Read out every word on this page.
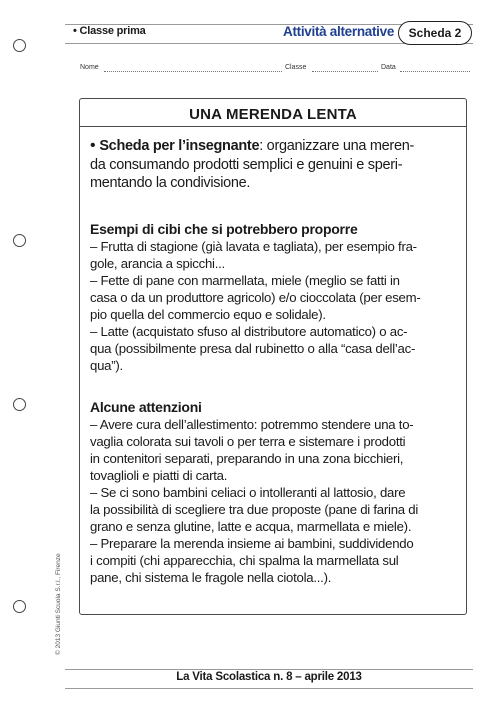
• Classe prima	Attività alternative	Scheda 2
Nome	Classe	Data
UNA MERENDA LENTA
• Scheda per l’insegnante: organizzare una meren-
da consumando prodotti semplici e genuini e speri-
mentando la condivisione.
Esempi di cibi che si potrebbero proporre
– Frutta di stagione (già lavata e tagliata), per esempio fra-
gole, arancia a spicchi...
– Fette di pane con marmellata, miele (meglio se fatti in
casa o da un produttore agricolo) e/o cioccolata (per esem-
pio quella del commercio equo e solidale).
– Latte (acquistato sfuso al distributore automatico) o ac-
qua (possibilmente presa dal rubinetto o alla “casa dell’ac-
qua”).
Alcune attenzioni
– Avere cura dell’allestimento: potremmo stendere una to-
vaglia colorata sui tavoli o per terra e sistemare i prodotti
in contenitori separati, preparando in una zona bicchieri,
tovaglioli e piatti di carta.
– Se ci sono bambini celiaci o intolleranti al lattosio, dare
la possibilità di scegliere tra due proposte (pane di farina di
grano e senza glutine, latte e acqua, marmellata e miele).
– Preparare la merenda insieme ai bambini, suddividendo
i compiti (chi apparecchia, chi spalma la marmellata sul
pane, chi sistema le fragole nella ciotola...).
© 2013 Giunti Scuola S.r.l., Firenze
La Vita Scolastica n. 8 – aprile 2013
